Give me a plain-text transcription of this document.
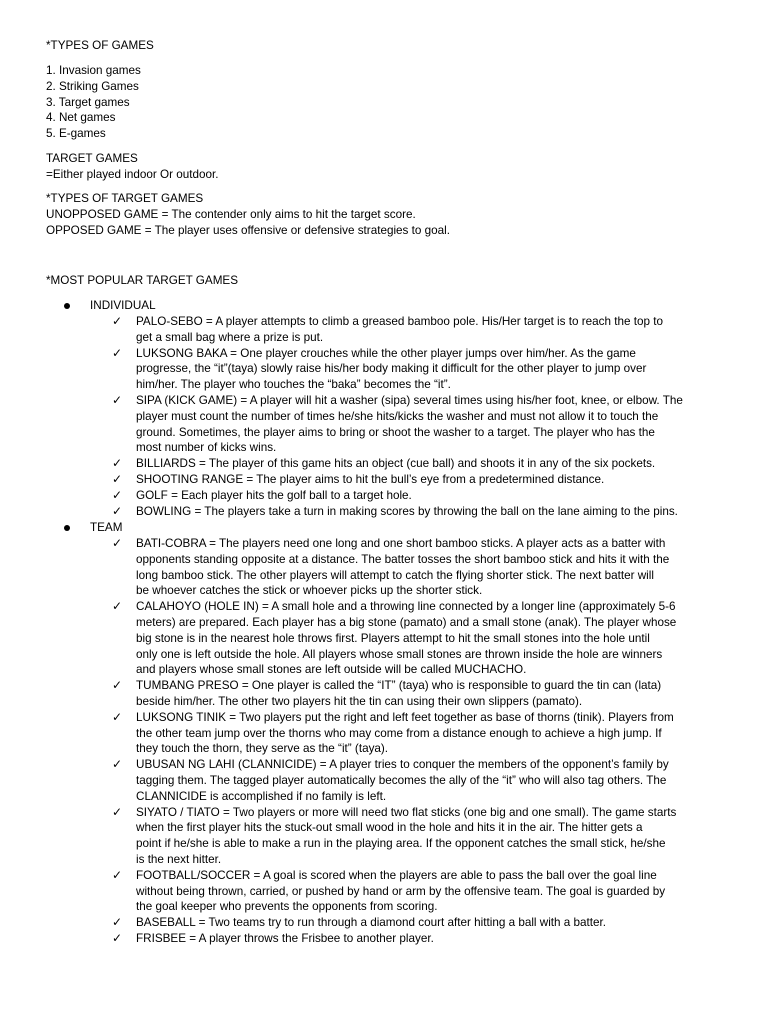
*TYPES OF GAMES
1. Invasion games
2. Striking Games
3. Target games
4. Net games
5. E-games
TARGET GAMES
=Either played indoor Or outdoor.
*TYPES OF TARGET GAMES
UNOPPOSED GAME = The contender only aims to hit the target score.
OPPOSED GAME = The player uses offensive or defensive strategies to goal.
*MOST POPULAR TARGET GAMES
INDIVIDUAL
✓	PALO-SEBO = A player attempts to climb a greased bamboo pole. His/Her target is to reach the top to
get a small bag where a prize is put.
✓	LUKSONG BAKA = One player crouches while the other player jumps over him/her. As the game
progresse, the “it”(taya) slowly raise his/her body making it difficult for the other player to jump over
him/her. The player who touches the “baka” becomes the “it”.
✓	SIPA (KICK GAME) = A player will hit a washer (sipa) several times using his/her foot, knee, or elbow. The
player must count the number of times he/she hits/kicks the washer and must not allow it to touch the
ground. Sometimes, the player aims to bring or shoot the washer to a target. The player who has the
most number of kicks wins.
✓	BILLIARDS = The player of this game hits an object (cue ball) and shoots it in any of the six pockets.
✓	SHOOTING RANGE = The player aims to hit the bull’s eye from a predetermined distance.
✓	GOLF = Each player hits the golf ball to a target hole.
✓	BOWLING = The players take a turn in making scores by throwing the ball on the lane aiming to the pins.
TEAM
✓	BATI-COBRA = The players need one long and one short bamboo sticks. A player acts as a batter with
opponents standing opposite at a distance. The batter tosses the short bamboo stick and hits it with the
long bamboo stick. The other players will attempt to catch the flying shorter stick. The next batter will
be whoever catches the stick or whoever picks up the shorter stick.
✓	CALAHOYO (HOLE IN) = A small hole and a throwing line connected by a longer line (approximately 5-6
meters) are prepared. Each player has a big stone (pamato) and a small stone (anak). The player whose
big stone is in the nearest hole throws first. Players attempt to hit the small stones into the hole until
only one is left outside the hole. All players whose small stones are thrown inside the hole are winners
and players whose small stones are left outside will be called MUCHACHO.
✓	TUMBANG PRESO = One player is called the “IT” (taya) who is responsible to guard the tin can (lata)
beside him/her. The other two players hit the tin can using their own slippers (pamato).
✓	LUKSONG TINIK = Two players put the right and left feet together as base of thorns (tinik). Players from
the other team jump over the thorns who may come from a distance enough to achieve a high jump. If
they touch the thorn, they serve as the “it” (taya).
✓	UBUSAN NG LAHI (CLANNICIDE) = A player tries to conquer the members of the opponent’s family by
tagging them. The tagged player automatically becomes the ally of the “it” who will also tag others. The
CLANNICIDE is accomplished if no family is left.
✓	SIYATO / TIATO = Two players or more will need two flat sticks (one big and one small). The game starts
when the first player hits the stuck-out small wood in the hole and hits it in the air. The hitter gets a
point if he/she is able to make a run in the playing area. If the opponent catches the small stick, he/she
is the next hitter.
✓	FOOTBALL/SOCCER = A goal is scored when the players are able to pass the ball over the goal line
without being thrown, carried, or pushed by hand or arm by the offensive team. The goal is guarded by
the goal keeper who prevents the opponents from scoring.
✓	BASEBALL = Two teams try to run through a diamond court after hitting a ball with a batter.
✓	FRISBEE = A player throws the Frisbee to another player.
